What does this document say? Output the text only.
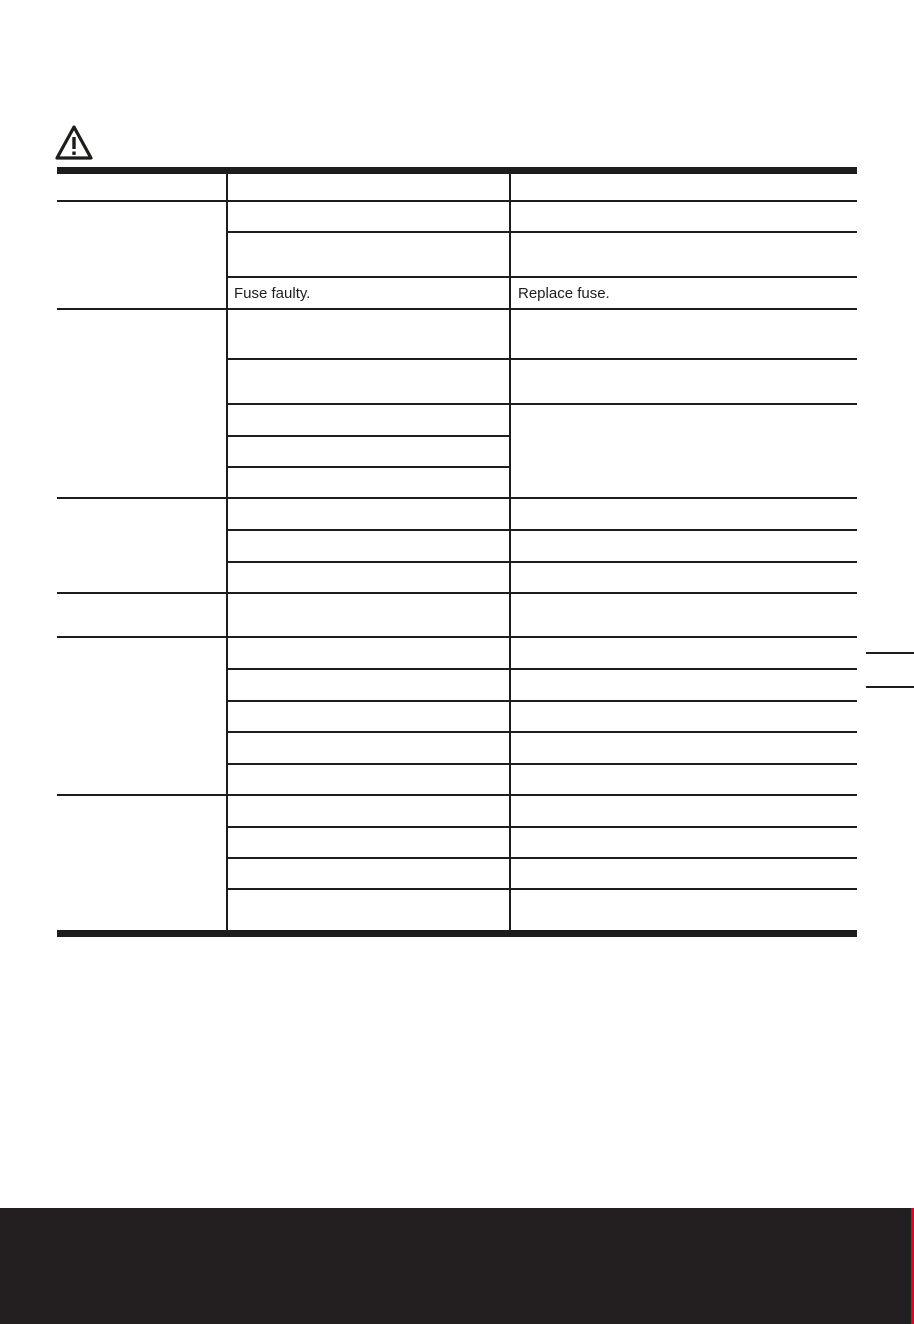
Fuse faulty.	Replace fuse.
